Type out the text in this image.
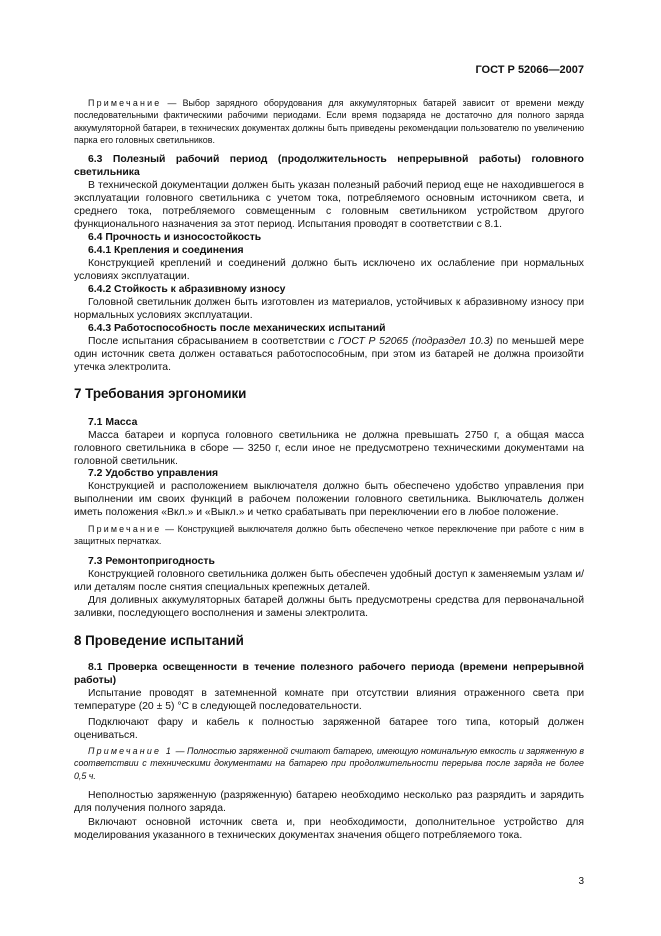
ГОСТ Р 52066—2007

Примечание — Выбор зарядного оборудования для аккумуляторных батарей зависит от времени между последовательными фактическими рабочими периодами. Если время подзаряда не достаточно для полного заряда аккумуляторной батареи, в технических документах должны быть приведены рекомендации пользователю по увеличению парка его головных светильников.

6.3 Полезный рабочий период (продолжительность непрерывной работы) головного светильника

В технической документации должен быть указан полезный рабочий период еще не находившегося в эксплуатации головного светильника с учетом тока, потребляемого основным источником света, и среднего тока, потребляемого совмещенным с головным светильником устройством другого функционального назначения за этот период. Испытания проводят в соответствии с 8.1.

6.4 Прочность и износостойкость

6.4.1 Крепления и соединения

Конструкцией креплений и соединений должно быть исключено их ослабление при нормальных условиях эксплуатации.

6.4.2 Стойкость к абразивному износу

Головной светильник должен быть изготовлен из материалов, устойчивых к абразивному износу при нормальных условиях эксплуатации.

6.4.3 Работоспособность после механических испытаний

После испытания сбрасыванием в соответствии с ГОСТ Р 52065 (подраздел 10.3) по меньшей мере один источник света должен оставаться работоспособным, при этом из батарей не должна произойти утечка электролита.

7 Требования эргономики

7.1 Масса

Масса батареи и корпуса головного светильника не должна превышать 2750 г, а общая масса головного светильника в сборе — 3250 г, если иное не предусмотрено техническими документами на головной светильник.

7.2 Удобство управления

Конструкцией и расположением выключателя должно быть обеспечено удобство управления при выполнении им своих функций в рабочем положении головного светильника. Выключатель должен иметь положения «Вкл.» и «Выкл.» и четко срабатывать при переключении его в любое положение.

Примечание — Конструкцией выключателя должно быть обеспечено четкое переключение при работе с ним в защитных перчатках.

7.3 Ремонтопригодность

Конструкцией головного светильника должен быть обеспечен удобный доступ к заменяемым узлам и/или деталям после снятия специальных крепежных деталей.

Для доливных аккумуляторных батарей должны быть предусмотрены средства для первоначальной заливки, последующего восполнения и замены электролита.

8 Проведение испытаний

8.1 Проверка освещенности в течение полезного рабочего периода (времени непрерывной работы)

Испытание проводят в затемненной комнате при отсутствии влияния отраженного света при температуре (20 ± 5) °С в следующей последовательности.

Подключают фару и кабель к полностью заряженной батарее того типа, который должен оцениваться.

Примечание 1 — Полностью заряженной считают батарею, имеющую номинальную емкость и заряженную в соответствии с техническими документами на батарею при продолжительности перерыва после заряда не более 0,5 ч.

Неполностью заряженную (разряженную) батарею необходимо несколько раз разрядить и зарядить для получения полного заряда.

Включают основной источник света и, при необходимости, дополнительное устройство для моделирования указанного в технических документах значения общего потребляемого тока.

3
